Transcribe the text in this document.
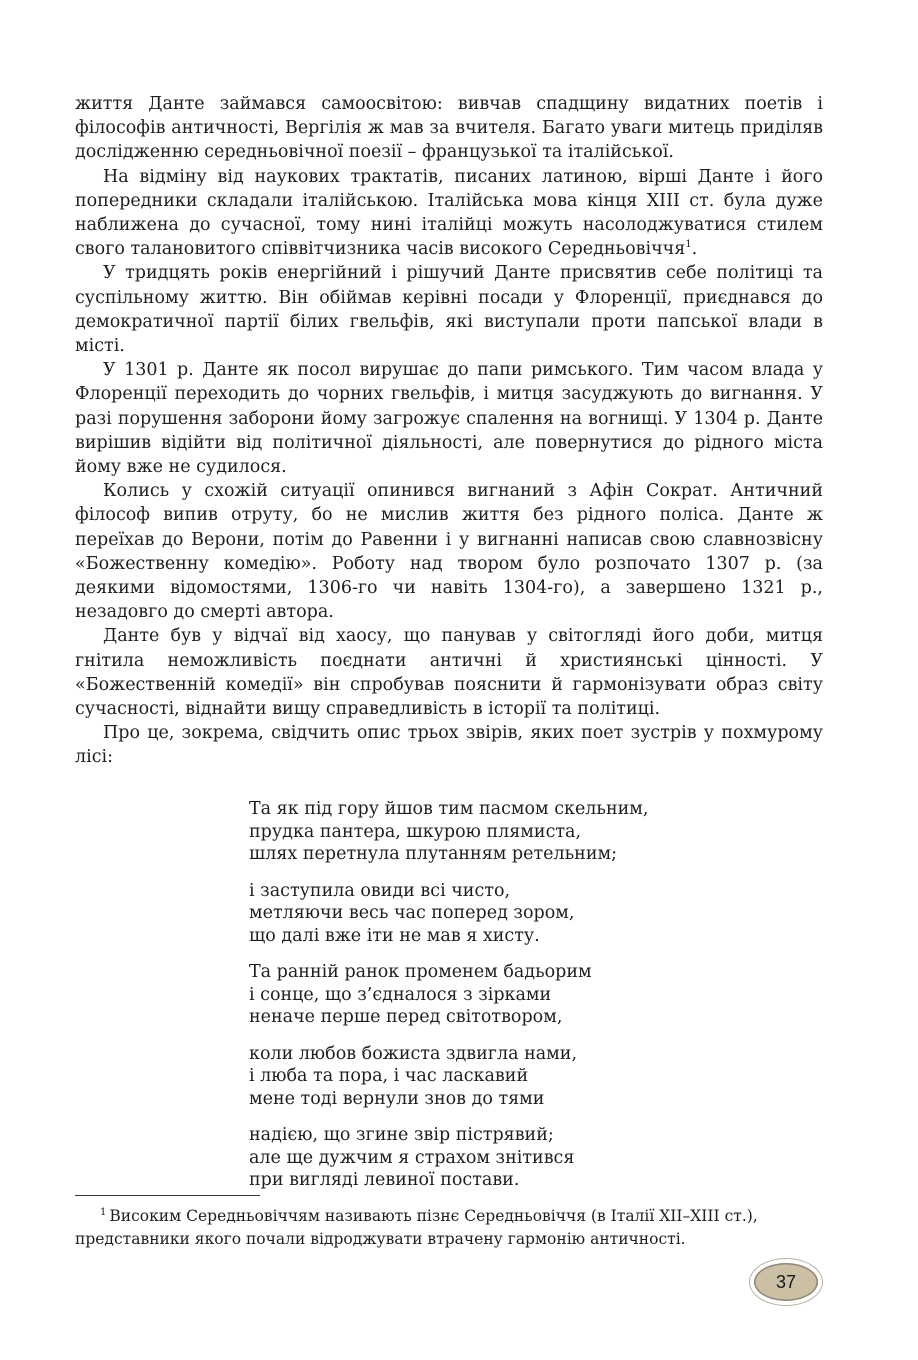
життя Данте займався самоосвітою: вивчав спадщину видатних поетів і філософів античності, Вергілія ж мав за вчителя. Багато уваги митець приділяв дослідженню середньовічної поезії – французької та італійської.

На відміну від наукових трактатів, писаних латиною, вірші Данте і його попередники складали італійською. Італійська мова кінця XIII ст. була дуже наближена до сучасної, тому нині італійці можуть насолоджуватися стилем свого талановитого співвітчизника часів високого Середньовіччя$^1$.

У тридцять років енергійний і рішучий Данте присвятив себе політиці та суспільному життю. Він обіймав керівні посади у Флоренції, приєднався до демократичної партії білих гвельфів, які виступали проти папської влади в місті.

У 1301 р. Данте як посол вирушає до папи римського. Тим часом влада у Флоренції переходить до чорних гвельфів, і митця засуджують до вигнання. У разі порушення заборони йому загрожує спалення на вогнищі. У 1304 р. Данте вирішив відійти від політичної діяльності, але повернутися до рідного міста йому вже не судилося.

Колись у схожій ситуації опинився вигнаний з Афін Сократ. Античний філософ випив отруту, бо не мислив життя без рідного поліса. Данте ж переїхав до Верони, потім до Равенни і у вигнанні написав свою славнозвісну «Божественну комедію». Роботу над твором було розпочато 1307 р. (за деякими відомостями, 1306-го чи навіть 1304-го), а завершено 1321 р., незадовго до смерті автора.

Данте був у відчаї від хаосу, що панував у світогляді його доби, митця гнітила неможливість поєднати античні й християнські цінності. У «Божественній комедії» він спробував пояснити й гармонізувати образ світу сучасності, віднайти вищу справедливість в історії та політиці.

Про це, зокрема, свідчить опис трьох звірів, яких поет зустрів у похмурому лісі:

Та як під гору йшов тим пасмом скельним,
прудка пантера, шкурою плямиста,
шлях перетнула плутанням ретельним;
і заступила овиди всі чисто,
метляючи весь час поперед зором,
що далі вже іти не мав я хисту.
Та ранній ранок променем бадьорим
і сонце, що з’єдналося з зірками
неначе перше перед світотвором,
коли любов божиста здвигла нами,
і люба та пора, і час ласкавий
мене тоді вернули знов до тями
надією, що згине звір пістрявий;
але ще дужчим я страхом знітився
при вигляді левиної постави.

$^1$ Високим Середньовіччям називають пізнє Середньовіччя (в Італії XII–XIII ст.),
представники якого почали відроджувати втрачену гармонію античності.

37
